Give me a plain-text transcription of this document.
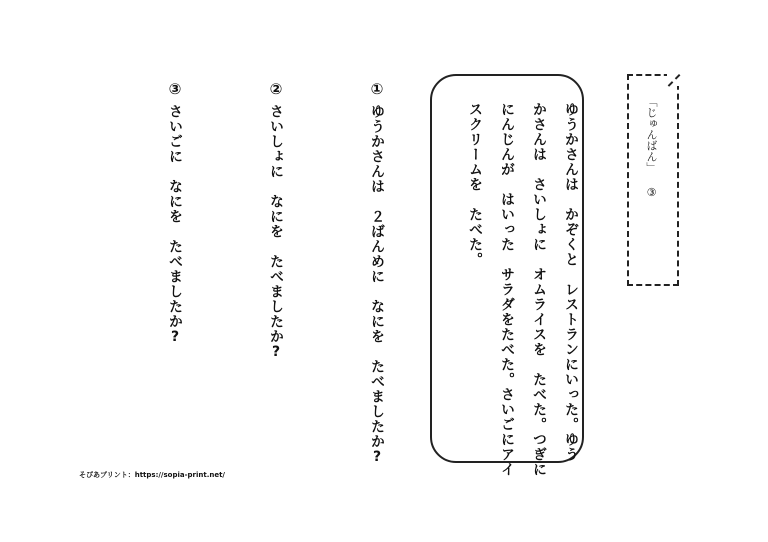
「じゅんばん」 ③
ゆうかさんは　かぞくと　レストランにいった。ゆう
かさんは　さいしょに　オムライスを　たべた。つぎに
にんじんが　はいった　サラダをたべた。さいごにアイ
スクリームを　たべた。
①
ゆうかさんは　２ばんめに　なにを　たべましたか?
②
さいしょに　なにを　たべましたか?
③
さいごに　なにを　たべましたか?
そぴあプリント：https://sopia-print.net/
